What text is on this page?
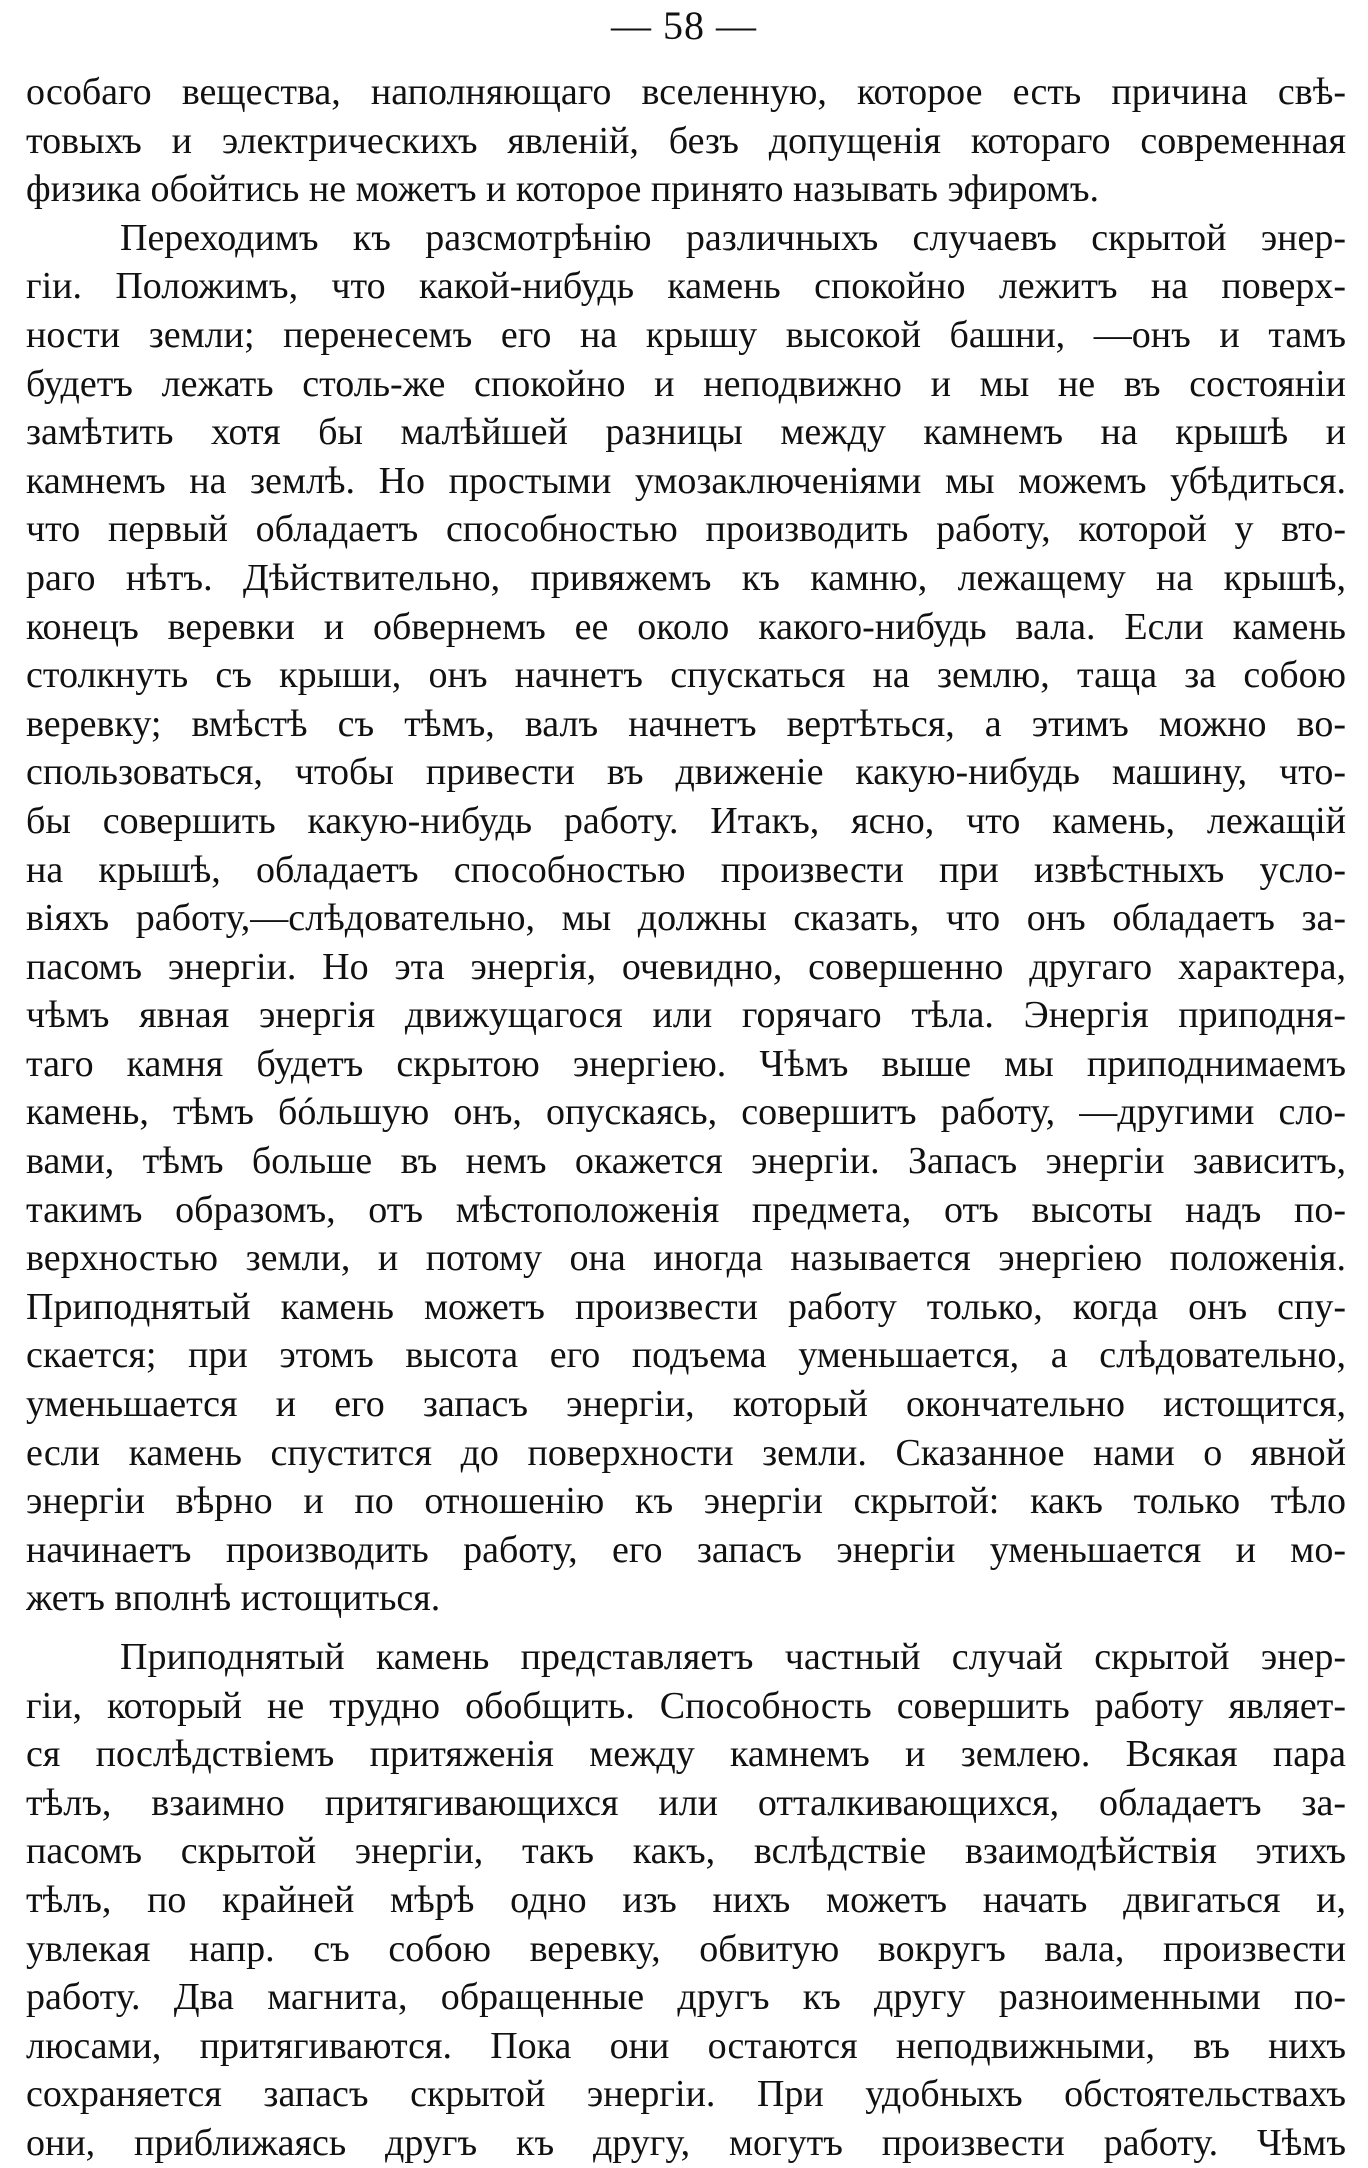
— 58 —
особаго вещества, наполняющаго вселенную, которое есть причина свѣ-
товыхъ и электрическихъ явленій, безъ допущенія котораго современная
физика обойтись не можетъ и которое принято называть эфиромъ.
Переходимъ къ разсмотрѣнію различныхъ случаевъ скрытой энер-
гіи. Положимъ, что какой-нибудь камень спокойно лежитъ на поверх-
ности земли; перенесемъ его на крышу высокой башни, —онъ и тамъ
будетъ лежать столь-же спокойно и неподвижно и мы не въ состояніи
замѣтить хотя бы малѣйшей разницы между камнемъ на крышѣ и
камнемъ на землѣ. Но простыми умозаключеніями мы можемъ убѣдиться.
что первый обладаетъ способностью производить работу, которой у вто-
раго нѣтъ. Дѣйствительно, привяжемъ къ камню, лежащему на крышѣ,
конецъ веревки и обвернемъ ее около какого-нибудь вала. Если камень
столкнуть съ крыши, онъ начнетъ спускаться на землю, таща за собою
веревку; вмѣстѣ съ тѣмъ, валъ начнетъ вертѣться, а этимъ можно во-
спользоваться, чтобы привести въ движеніе какую-нибудь машину, что-
бы совершить какую-нибудь работу. Итакъ, ясно, что камень, лежащій
на крышѣ, обладаетъ способностью произвести при извѣстныхъ усло-
віяхъ работу,—слѣдовательно, мы должны сказать, что онъ обладаетъ за-
пасомъ энергіи. Но эта энергія, очевидно, совершенно другаго характера,
чѣмъ явная энергія движущагося или горячаго тѣла. Энергія приподня-
таго камня будетъ скрытою энергіею. Чѣмъ выше мы приподнимаемъ
камень, тѣмъ бóльшую онъ, опускаясь, совершитъ работу, —другими сло-
вами, тѣмъ больше въ немъ окажется энергіи. Запасъ энергіи зависитъ,
такимъ образомъ, отъ мѣстоположенія предмета, отъ высоты надъ по-
верхностью земли, и потому она иногда называется энергіею положенія.
Приподнятый камень можетъ произвести работу только, когда онъ спу-
скается; при этомъ высота его подъема уменьшается, а слѣдовательно,
уменьшается и его запасъ энергіи, который окончательно истощится,
если камень спустится до поверхности земли. Сказанное нами о явной
энергіи вѣрно и по отношенію къ энергіи скрытой: какъ только тѣло
начинаетъ производить работу, его запасъ энергіи уменьшается и мо-
жетъ вполнѣ истощиться.
Приподнятый камень представляетъ частный случай скрытой энер-
гіи, который не трудно обобщить. Способность совершить работу являет-
ся послѣдствіемъ притяженія между камнемъ и землею. Всякая пара
тѣлъ, взаимно притягивающихся или отталкивающихся, обладаетъ за-
пасомъ скрытой энергіи, такъ какъ, вслѣдствіе взаимодѣйствія этихъ
тѣлъ, по крайней мѣрѣ одно изъ нихъ можетъ начать двигаться и,
увлекая напр. съ собою веревку, обвитую вокругъ вала, произвести
работу. Два магнита, обращенные другъ къ другу разноименными по-
люсами, притягиваются. Пока они остаются неподвижными, въ нихъ
сохраняется запасъ скрытой энергіи. При удобныхъ обстоятельствахъ
они, приближаясь другъ къ другу, могутъ произвести работу. Чѣмъ
